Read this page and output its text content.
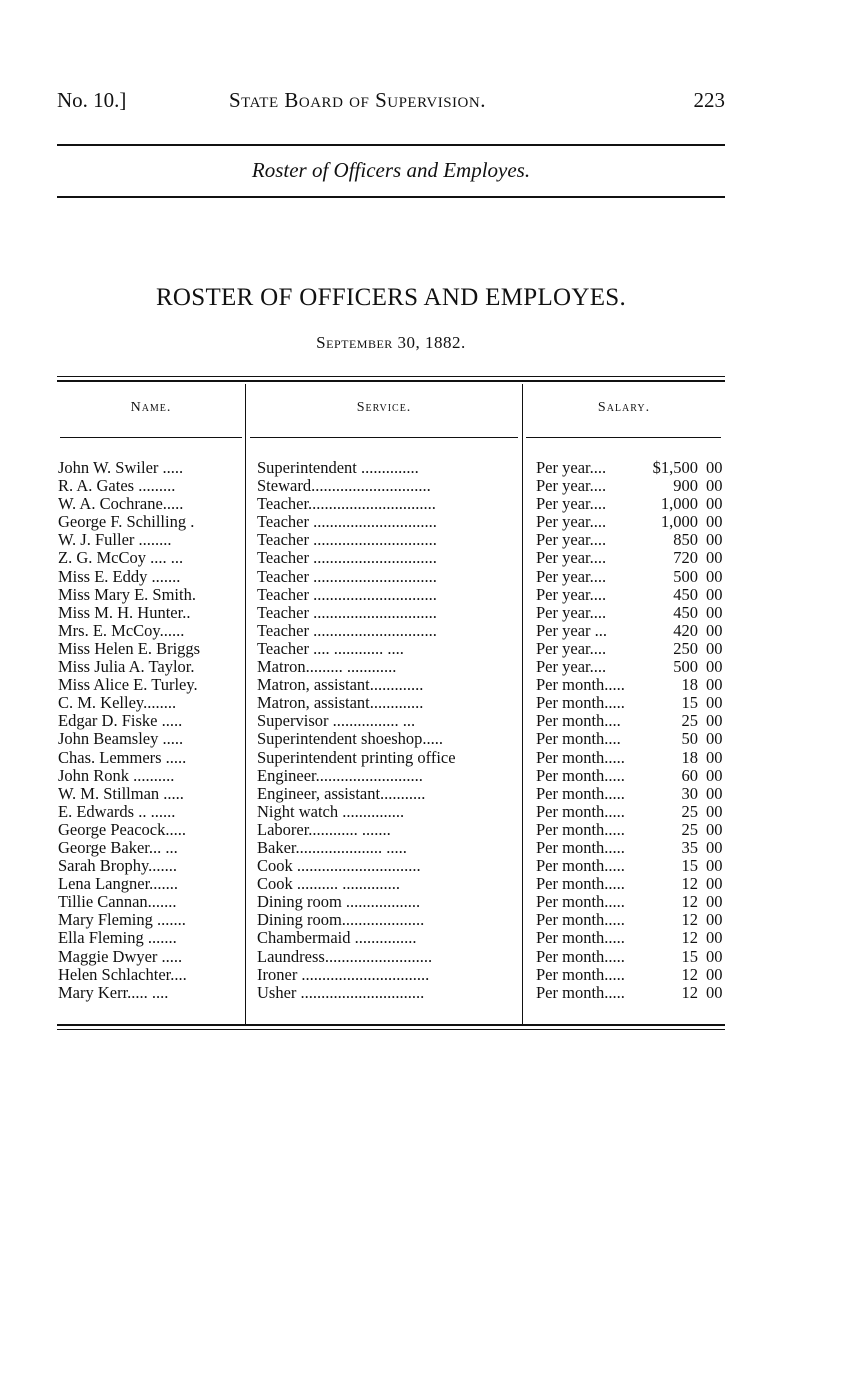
No. 10.]	State Board of Supervision.	223
Roster of Officers and Employes.
ROSTER OF OFFICERS AND EMPLOYES.
September 30, 1882.
Name.	Service.	Salary.
John W. Swiler .....	Superintendent ..............	Per year....	$1,500 00
R. A. Gates .........	Steward.............................	Per year....	900 00
W. A. Cochrane.....	Teacher...............................	Per year....	1,000 00
George F. Schilling .	Teacher ..............................	Per year....	1,000 00
W. J. Fuller ........	Teacher ..............................	Per year....	850 00
Z. G. McCoy .... ...	Teacher ..............................	Per year....	720 00
Miss E. Eddy .......	Teacher ..............................	Per year....	500 00
Miss Mary E. Smith.	Teacher ..............................	Per year....	450 00
Miss M. H. Hunter..	Teacher ..............................	Per year....	450 00
Mrs. E. McCoy......	Teacher ..............................	Per year ...	420 00
Miss Helen E. Briggs	Teacher .... ............ ....	Per year....	250 00
Miss Julia A. Taylor.	Matron......... ............	Per year....	500 00
Miss Alice E. Turley.	Matron, assistant.............	Per month.....	18 00
C. M. Kelley........	Matron, assistant.............	Per month.....	15 00
Edgar D. Fiske .....	Supervisor ................ ...	Per month....	25 00
John Beamsley .....	Superintendent shoeshop.....	Per month....	50 00
Chas. Lemmers .....	Superintendent printing office	Per month.....	18 00
John Ronk ..........	Engineer..........................	Per month.....	60 00
W. M. Stillman .....	Engineer, assistant...........	Per month.....	30 00
E. Edwards .. ......	Night watch ...............	Per month.....	25 00
George Peacock.....	Laborer............ .......	Per month.....	25 00
George Baker... ...	Baker..................... .....	Per month.....	35 00
Sarah Brophy.......	Cook ..............................	Per month.....	15 00
Lena Langner.......	Cook .......... ..............	Per month.....	12 00
Tillie Cannan.......	Dining room ..................	Per month.....	12 00
Mary Fleming .......	Dining room....................	Per month.....	12 00
Ella Fleming .......	Chambermaid ...............	Per month.....	12 00
Maggie Dwyer .....	Laundress..........................	Per month.....	15 00
Helen Schlachter....	Ironer ...............................	Per month.....	12 00
Mary Kerr..... ....	Usher ..............................	Per month.....	12 00
